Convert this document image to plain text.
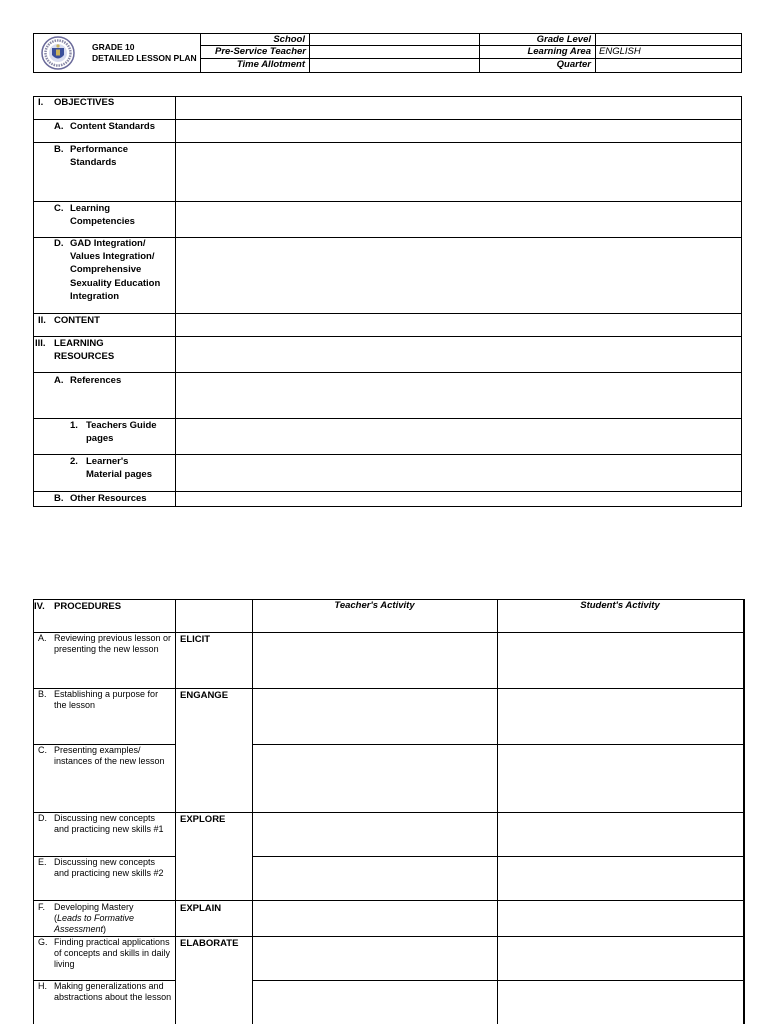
GRADE 10
DETAILED LESSON PLAN
School
Pre-Service Teacher
Time Allotment
Grade Level
Learning Area
Quarter
ENGLISH
I. OBJECTIVES
A. Content Standards
B. Performance
Standards
C. Learning
Competencies
D. GAD Integration/
Values Integration/
Comprehensive
Sexuality Education
Integration
II. CONTENT
III. LEARNING
RESOURCES
A. References
1. Teachers Guide
pages
2. Learner's
Material pages
B. Other Resources
IV. PROCEDURES	Teacher's Activity	Student's Activity
ELICIT
ENGANGE
EXPLORE
EXPLAIN
ELABORATE
A. Reviewing previous lesson or presenting the new lesson
B. Establishing a purpose for the lesson
C. Presenting examples/ instances of the new lesson
D. Discussing new concepts and practicing new skills #1
E. Discussing new concepts and practicing new skills #2
F. Developing Mastery
(Leads to Formative Assessment)
G. Finding practical applications of concepts and skills in daily living
H. Making generalizations and abstractions about the lesson
